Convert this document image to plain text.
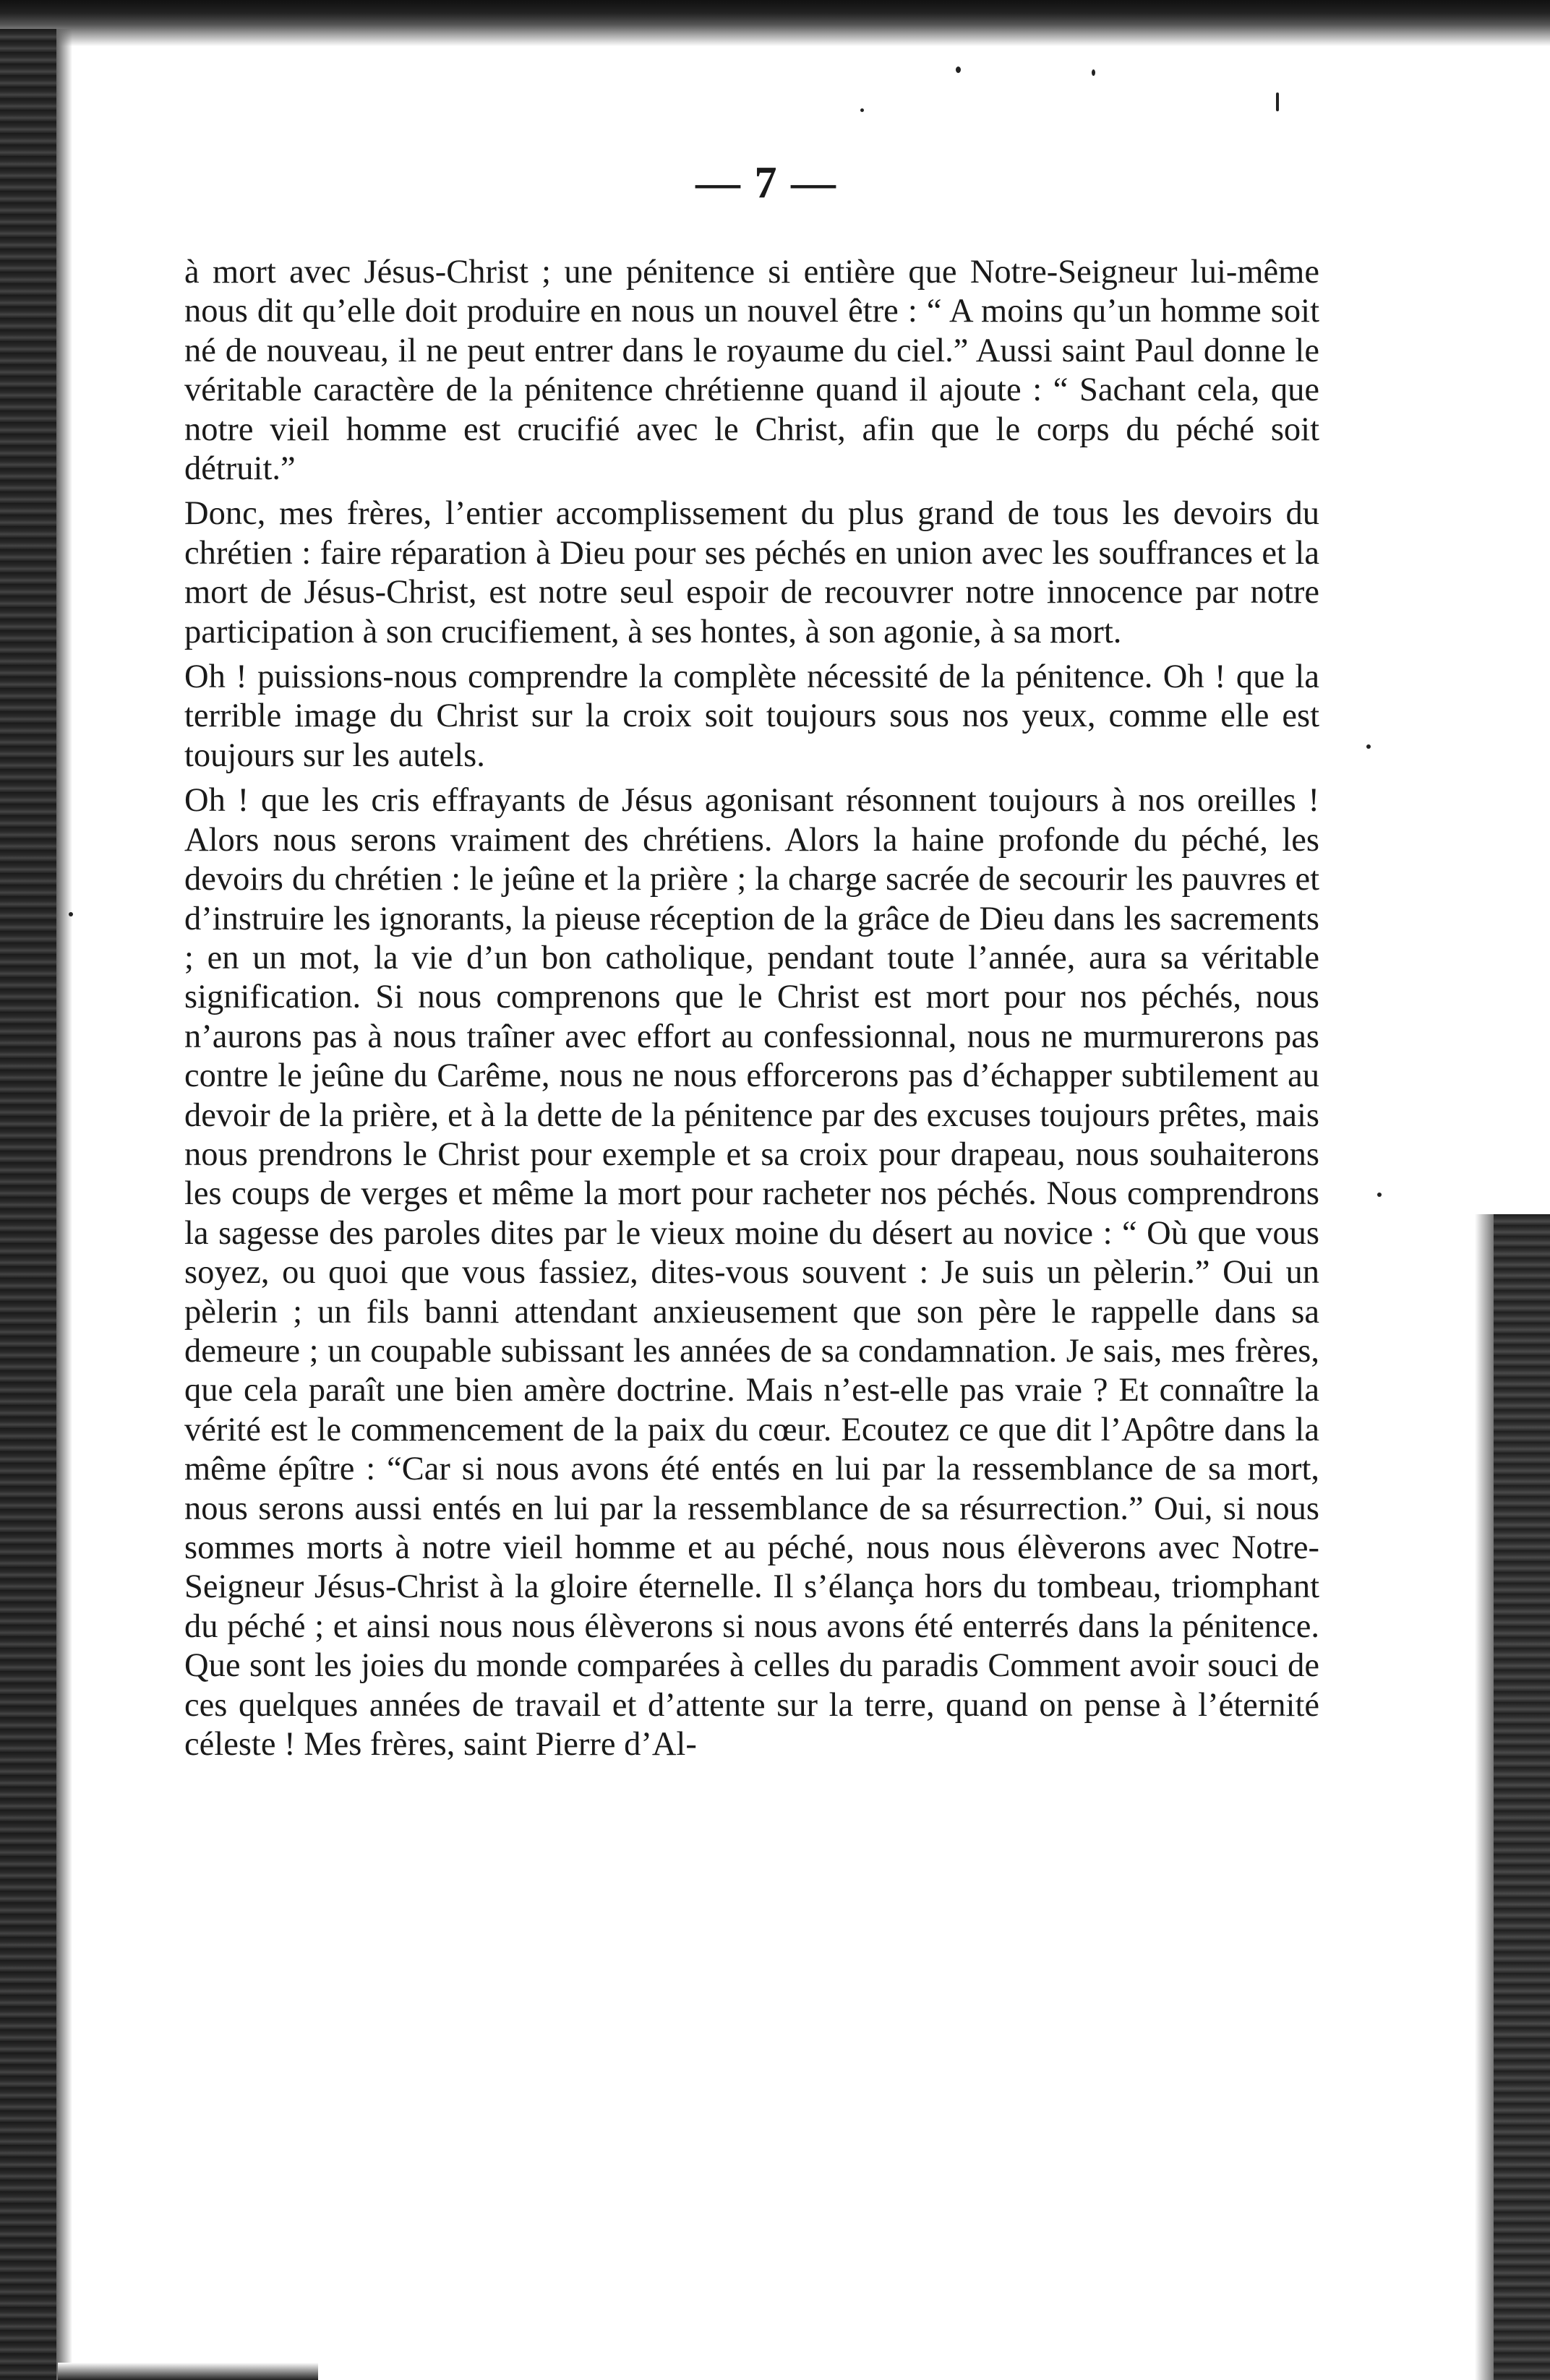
— 7 —

à mort avec Jésus-Christ ; une pénitence si entière que Notre-Seigneur lui-même nous dit qu’elle doit produire en nous un nouvel être : “ A moins qu’un homme soit né de nouveau, il ne peut entrer dans le royaume du ciel.” Aussi saint Paul donne le véritable caractère de la pénitence chrétienne quand il ajoute : “ Sachant cela, que notre vieil homme est crucifié avec le Christ, afin que le corps du péché soit détruit.”

Donc, mes frères, l’entier accomplissement du plus grand de tous les devoirs du chrétien : faire réparation à Dieu pour ses péchés en union avec les souffrances et la mort de Jésus-Christ, est notre seul espoir de recouvrer notre innocence par notre participation à son crucifiement, à ses hontes, à son agonie, à sa mort.

Oh ! puissions-nous comprendre la complète nécessité de la pénitence. Oh ! que la terrible image du Christ sur la croix soit toujours sous nos yeux, comme elle est toujours sur les autels.

Oh ! que les cris effrayants de Jésus agonisant résonnent toujours à nos oreilles ! Alors nous serons vraiment des chrétiens. Alors la haine profonde du péché, les devoirs du chrétien : le jeûne et la prière ; la charge sacrée de secourir les pauvres et d’instruire les ignorants, la pieuse réception de la grâce de Dieu dans les sacrements ; en un mot, la vie d’un bon catholique, pendant toute l’année, aura sa véritable signification. Si nous comprenons que le Christ est mort pour nos péchés, nous n’aurons pas à nous traîner avec effort au confessionnal, nous ne murmurerons pas contre le jeûne du Carême, nous ne nous efforcerons pas d’échapper subtilement au devoir de la prière, et à la dette de la pénitence par des excuses toujours prêtes, mais nous prendrons le Christ pour exemple et sa croix pour drapeau, nous souhaiterons les coups de verges et même la mort pour racheter nos péchés. Nous comprendrons la sagesse des paroles dites par le vieux moine du désert au novice : “ Où que vous soyez, ou quoi que vous fassiez, dites-vous souvent : Je suis un pèlerin.” Oui un pèlerin ; un fils banni attendant anxieusement que son père le rappelle dans sa demeure ; un coupable subissant les années de sa condamnation. Je sais, mes frères, que cela paraît une bien amère doctrine. Mais n’est-elle pas vraie ? Et connaître la vérité est le commencement de la paix du cœur. Ecoutez ce que dit l’Apôtre dans la même épître : “Car si nous avons été entés en lui par la ressemblance de sa mort, nous serons aussi entés en lui par la ressemblance de sa résurrection.” Oui, si nous sommes morts à notre vieil homme et au péché, nous nous élèverons avec Notre-Seigneur Jésus-Christ à la gloire éternelle. Il s’élança hors du tombeau, triomphant du péché ; et ainsi nous nous élèverons si nous avons été enterrés dans la pénitence. Que sont les joies du monde comparées à celles du paradis Comment avoir souci de ces quelques années de travail et d’attente sur la terre, quand on pense à l’éternité céleste ! Mes frères, saint Pierre d’Al-
